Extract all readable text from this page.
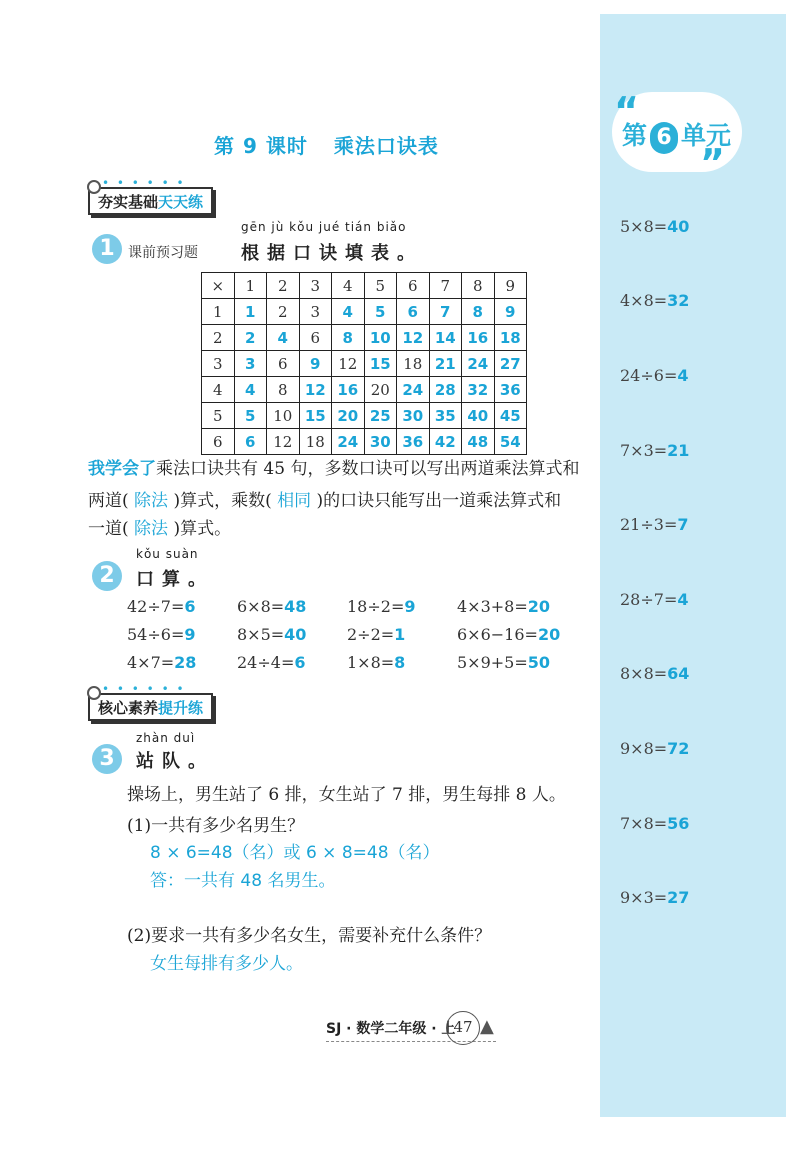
“
”
第 6 单元
5×8=40
4×8=32
24÷6=4
7×3=21
21÷3=7
28÷7=4
8×8=64
9×8=72
7×8=56
9×3=27
第 9 课时 乘法口诀表
• • • • • •
夯实基础天天练
1 课前预习题
gēn jù kǒu jué tián biǎo
根据口诀填表。
×	1	2	3	4	5	6	7	8	9
1	1	2	3	4	5	6	7	8	9
2	2	4	6	8	10	12	14	16	18
3	3	6	9	12	15	18	21	24	27
4	4	8	12	16	20	24	28	32	36
5	5	10	15	20	25	30	35	40	45
6	6	12	18	24	30	36	42	48	54
我学会了乘法口诀共有 45 句，多数口诀可以写出两道乘法算式和
两道( 除法 )算式，乘数( 相同 )的口诀只能写出一道乘法算式和
一道( 除法 )算式。
2
kǒu suàn
口算。
42÷7=6	6×8=48	18÷2=9	4×3+8=20
54÷6=9	8×5=40	2÷2=1	6×6−16=20
4×7=28	24÷4=6	1×8=8	5×9+5=50
• • • • • •
核心素养提升练
3
zhàn duì
站队。
操场上，男生站了 6 排，女生站了 7 排，男生每排 8 人。
(1)一共有多少名男生？
8 × 6=48（名）或 6 × 8=48（名）
答：一共有 48 名男生。
(2)要求一共有多少名女生，需要补充什么条件？
女生每排有多少人。
SJ · 数学二年级 · 上
47 ▲
